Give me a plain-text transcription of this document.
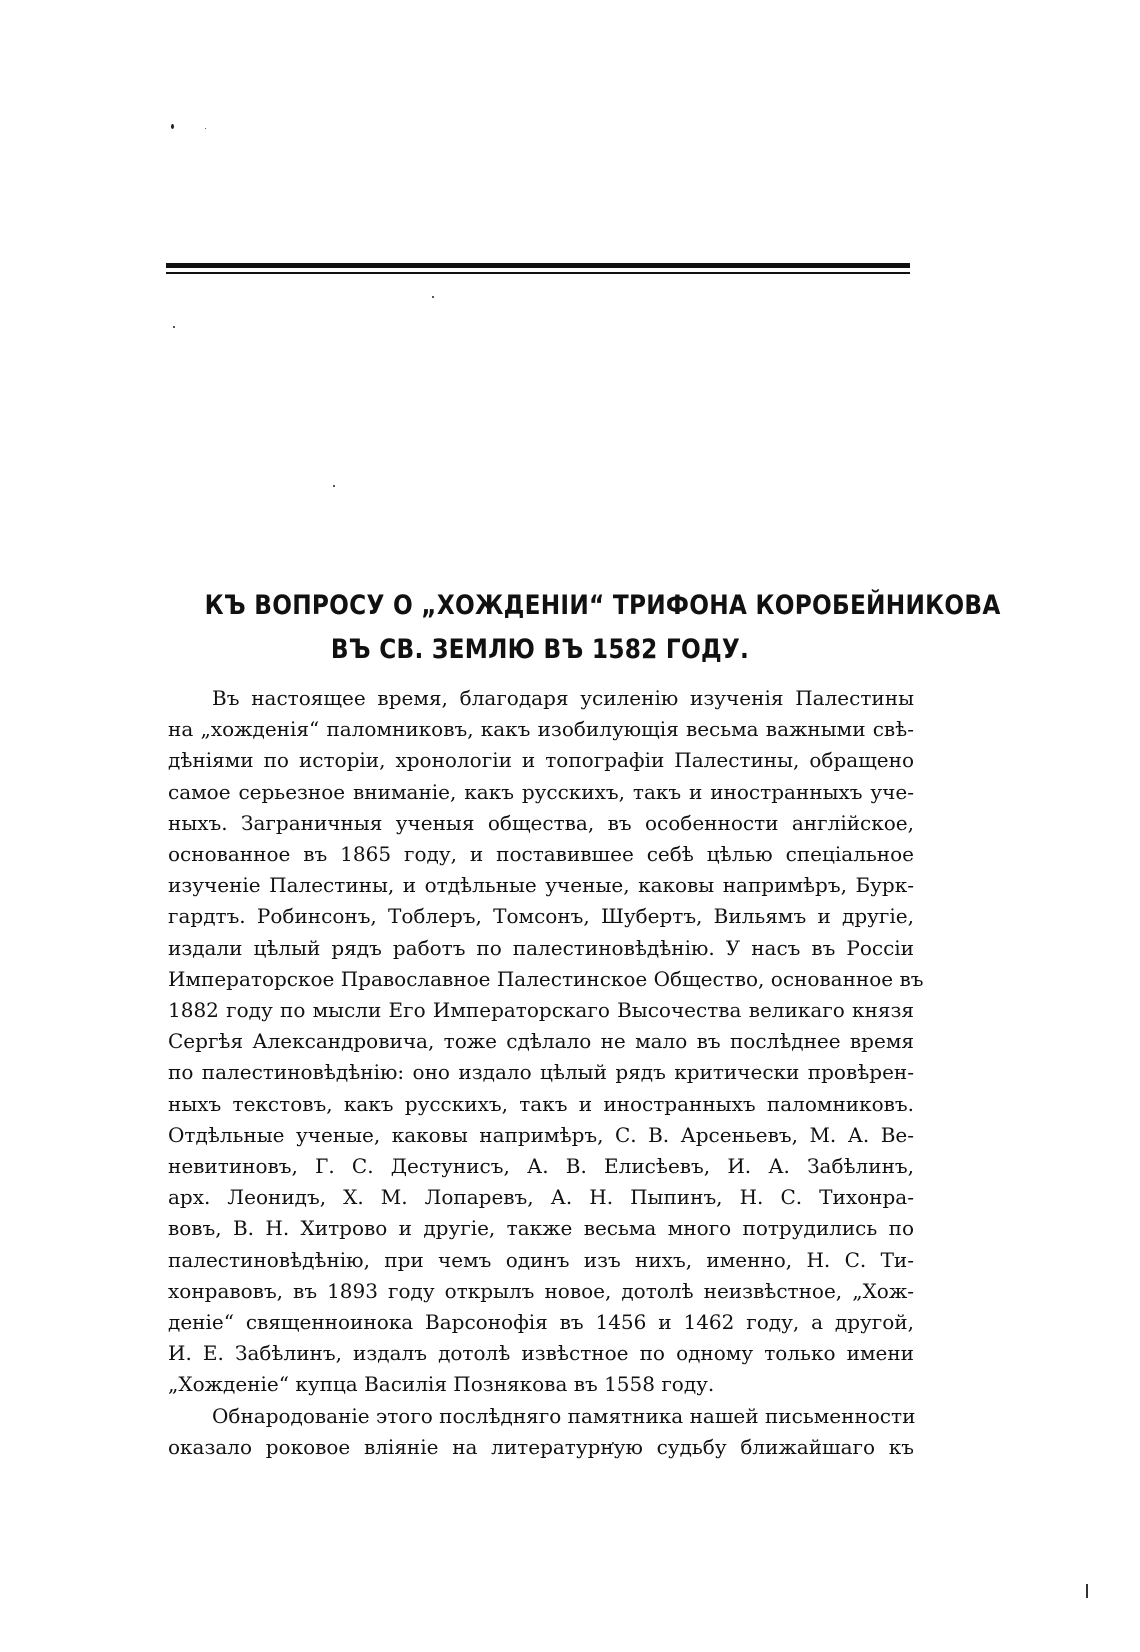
КЪ ВОПРОСУ О „ХОЖДЕНІИ“ ТРИФОНА КОРОБЕЙНИКОВА
ВЪ СВ. ЗЕМЛЮ ВЪ 1582 ГОДУ.
Въ настоящее время, благодаря усиленію изученія Палестины
на „хожденія“ паломниковъ, какъ изобилующія весьма важными свѣ-
дѣніями по исторіи, хронологіи и топографіи Палестины, обращено
самое серьезное вниманіе, какъ русскихъ, такъ и иностранныхъ уче-
ныхъ. Заграничныя ученыя общества, въ особенности англійское,
основанное въ 1865 году, и поставившее себѣ цѣлью спеціальное
изученіе Палестины, и отдѣльные ученые, каковы напримѣръ, Бурк-
гардтъ. Робинсонъ, Тоблеръ, Томсонъ, Шубертъ, Вильямъ и другіе,
издали цѣлый рядъ работъ по палестиновѣдѣнію. У насъ въ Россіи
Императорское Православное Палестинское Общество, основанное въ
1882 году по мысли Его Императорскаго Высочества великаго князя
Сергѣя Александровича, тоже сдѣлало не мало въ послѣднее время
по палестиновѣдѣнію: оно издало цѣлый рядъ критически провѣрен-
ныхъ текстовъ, какъ русскихъ, такъ и иностранныхъ паломниковъ.
Отдѣльные ученые, каковы напримѣръ, С. В. Арсеньевъ, М. А. Ве-
невитиновъ, Г. С. Дестунисъ, А. В. Елисѣевъ, И. А. Забѣлинъ,
арх. Леонидъ, Х. М. Лопаревъ, А. Н. Пыпинъ, Н. С. Тихонра-
вовъ, В. Н. Хитрово и другіе, также весьма много потрудились по
палестиновѣдѣнію, при чемъ одинъ изъ нихъ, именно, Н. С. Ти-
хонравовъ, въ 1893 году открылъ новое, дотолѣ неизвѣстное, „Хож-
деніе“ священноинока Варсонофія въ 1456 и 1462 году, а другой,
И. Е. Забѣлинъ, издалъ дотолѣ извѣстное по одному только имени
„Хожденіе“ купца Василія Познякова въ 1558 году.
Обнародованіе этого послѣдняго памятника нашей письменности
оказало роковое вліяніе на литературную судьбу ближайшаго къ
